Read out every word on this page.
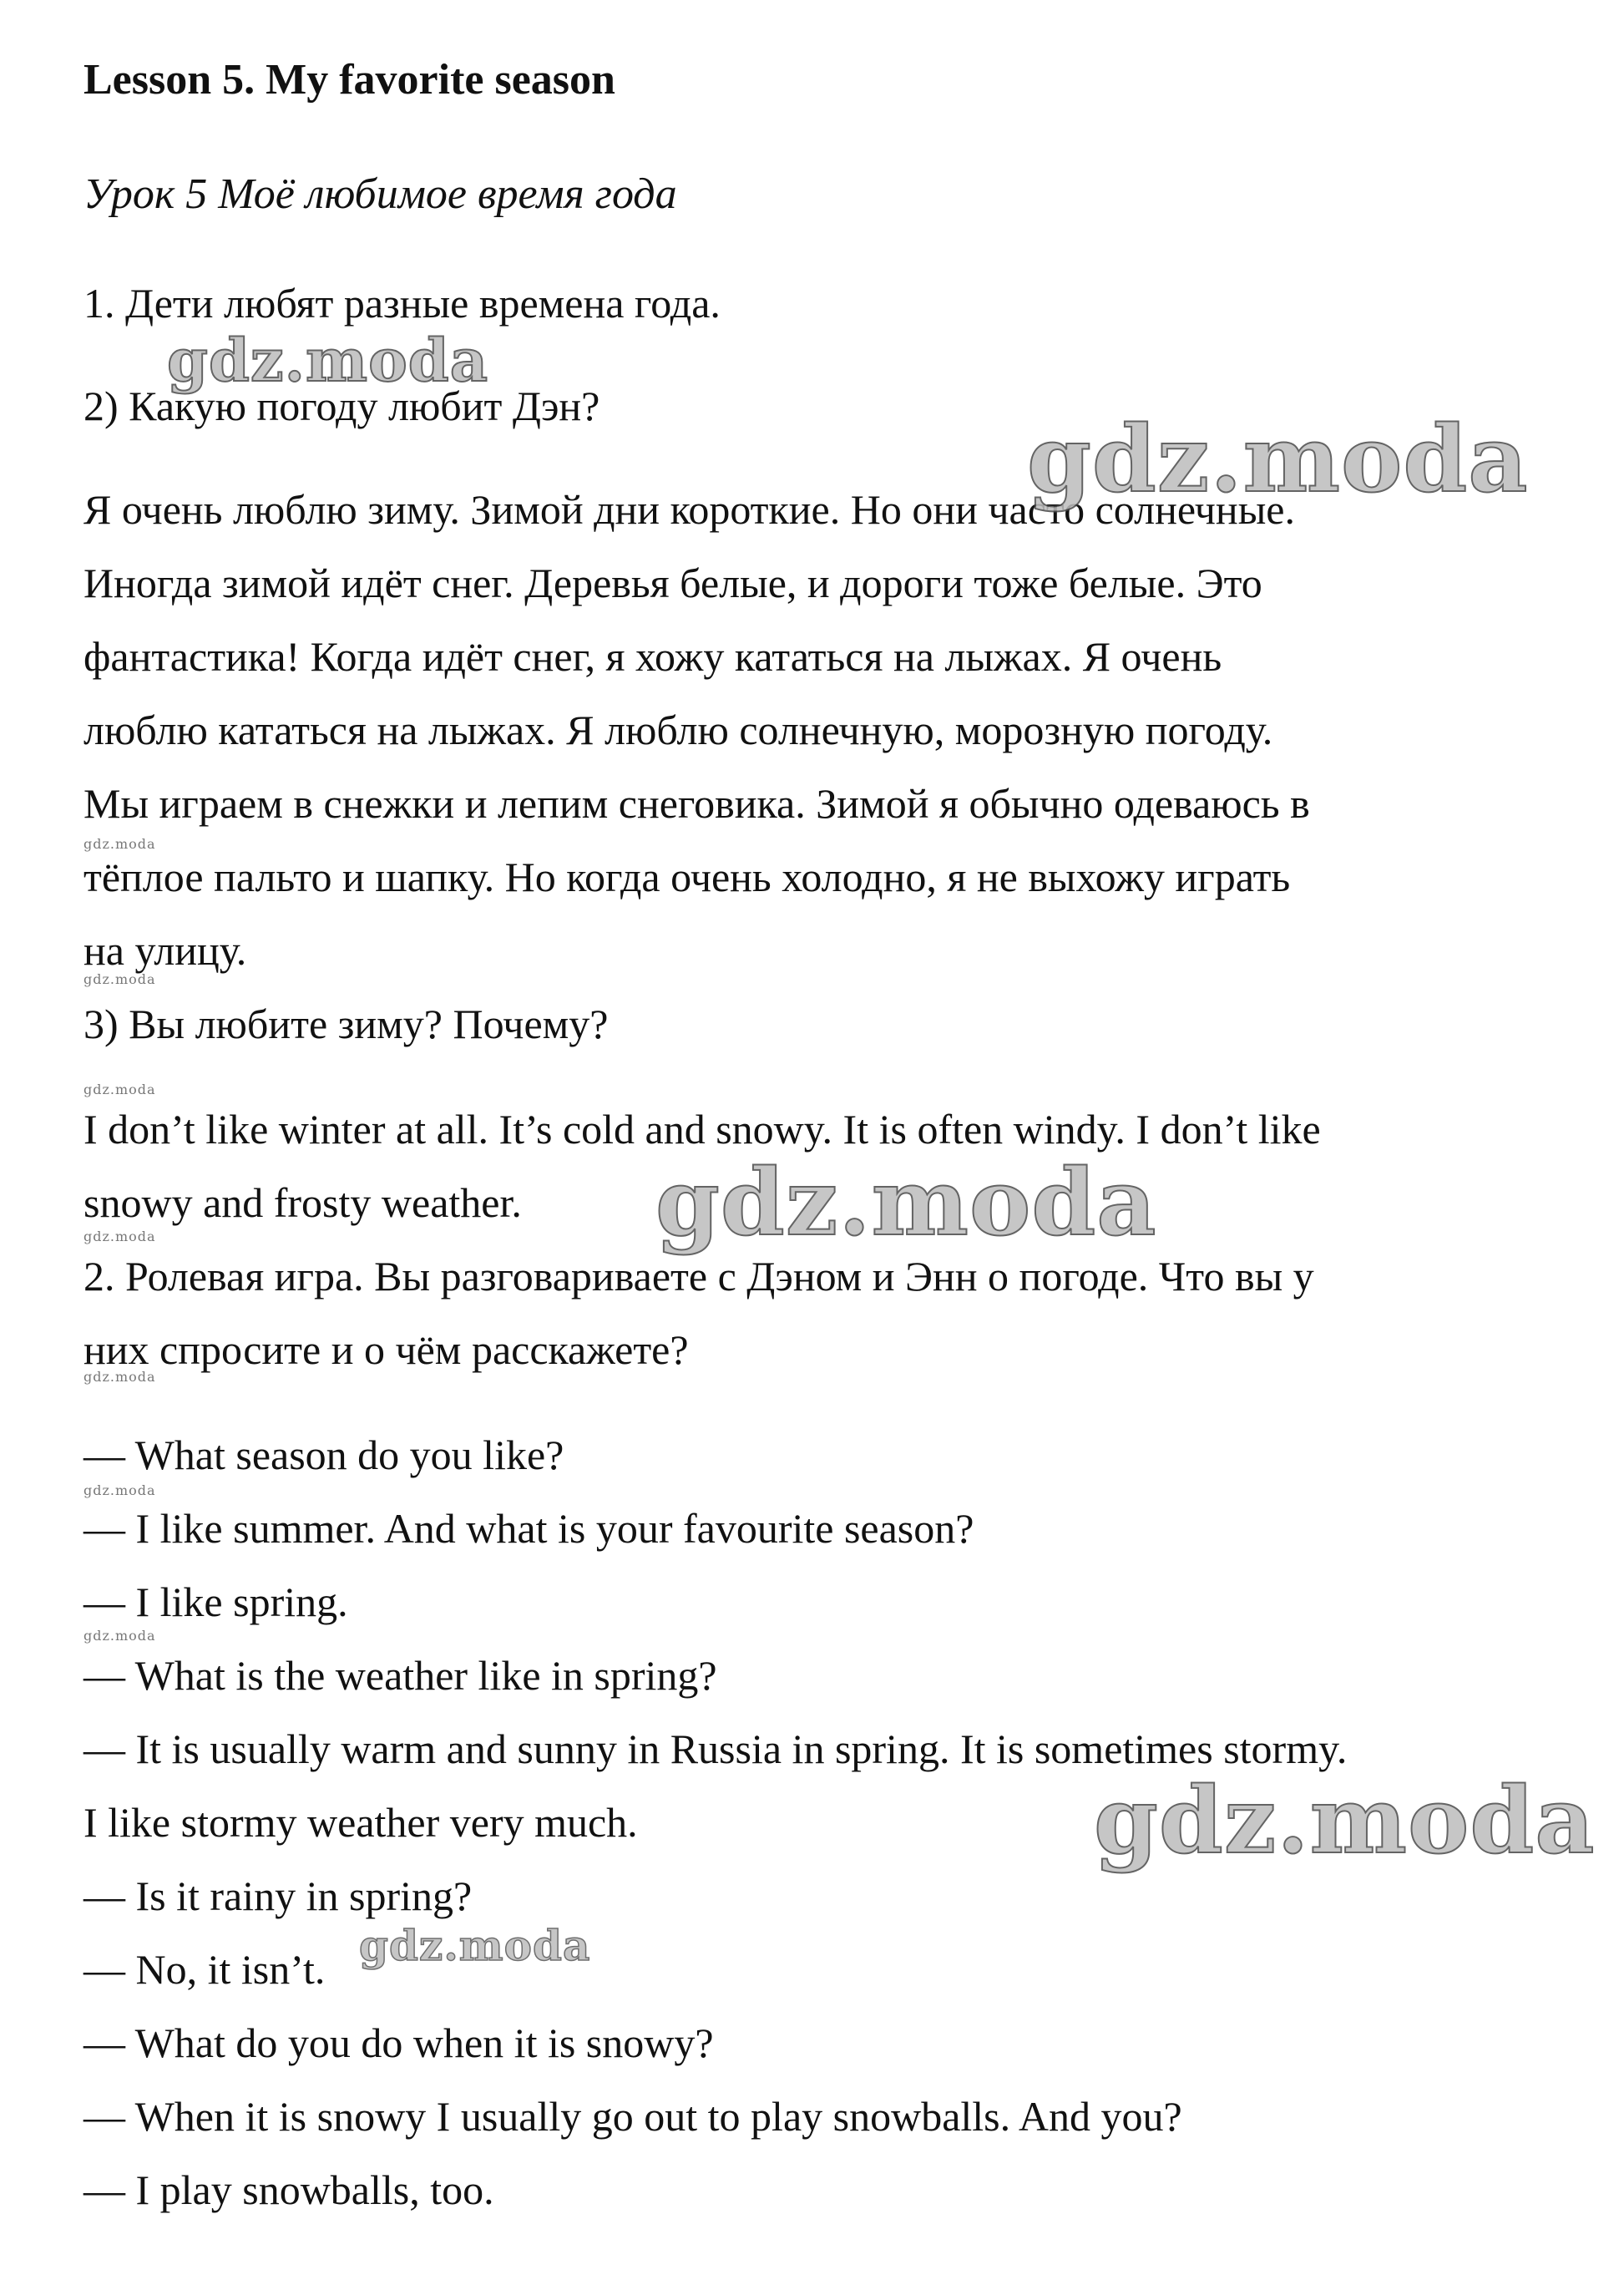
Lesson 5. My favorite season
Урок 5 Моё любимое время года
1. Дети любят разные времена года.
2) Какую погоду любит Дэн?
Я очень люблю зиму. Зимой дни короткие. Но они часто солнечные.
Иногда зимой идёт снег. Деревья белые, и дороги тоже белые. Это
фантастика! Когда идёт снег, я хожу кататься на лыжах. Я очень
люблю кататься на лыжах. Я люблю солнечную, морозную погоду.
Мы играем в снежки и лепим снеговика. Зимой я обычно одеваюсь в
тёплое пальто и шапку. Но когда очень холодно, я не выхожу играть
на улицу.
3) Вы любите зиму? Почему?
I don’t like winter at all. It’s cold and snowy. It is often windy. I don’t like
snowy and frosty weather.
2. Ролевая игра. Вы разговариваете с Дэном и Энн о погоде. Что вы у
них спросите и о чём расскажете?
— What season do you like?
— I like summer. And what is your favourite season?
— I like spring.
— What is the weather like in spring?
— It is usually warm and sunny in Russia in spring. It is sometimes stormy.
I like stormy weather very much.
— Is it rainy in spring?
— No, it isn’t.
— What do you do when it is snowy?
— When it is snowy I usually go out to play snowballs. And you?
— I play snowballs, too.
gdz.moda
gdz.moda
gdz.moda
gdz.moda
gdz.moda
gdz.moda
gdz.moda
gdz.moda
gdz.moda
gdz.moda
gdz.moda
gdz.moda
